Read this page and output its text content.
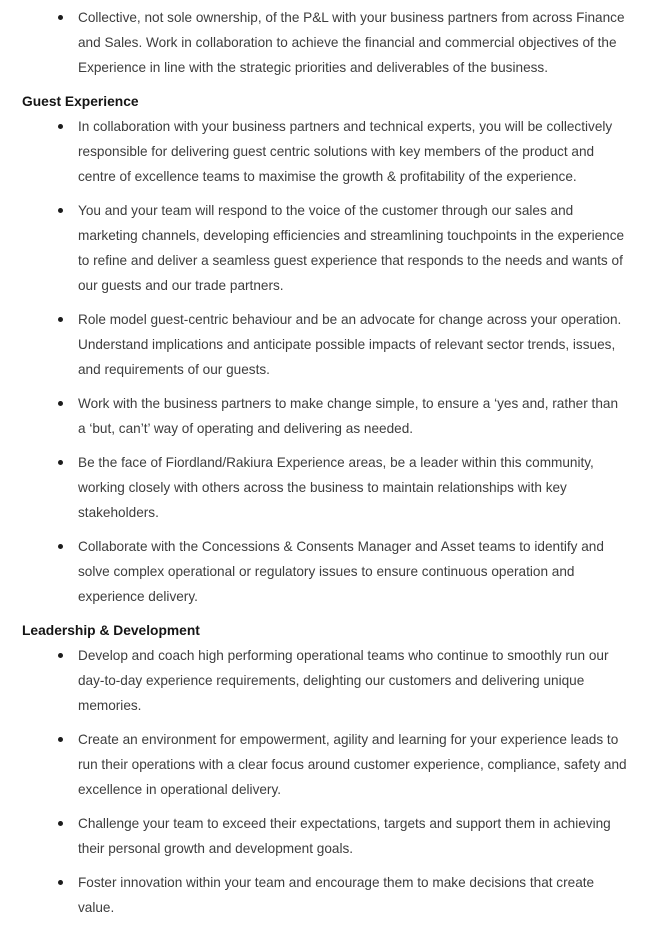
Collective, not sole ownership, of the P&L with your business partners from across Finance and Sales. Work in collaboration to achieve the financial and commercial objectives of the Experience in line with the strategic priorities and deliverables of the business.
Guest Experience
In collaboration with your business partners and technical experts, you will be collectively responsible for delivering guest centric solutions with key members of the product and centre of excellence teams to maximise the growth & profitability of the experience.
You and your team will respond to the voice of the customer through our sales and marketing channels, developing efficiencies and streamlining touchpoints in the experience to refine and deliver a seamless guest experience that responds to the needs and wants of our guests and our trade partners.
Role model guest-centric behaviour and be an advocate for change across your operation. Understand implications and anticipate possible impacts of relevant sector trends, issues, and requirements of our guests.
Work with the business partners to make change simple, to ensure a ‘yes and, rather than a ‘but, can’t’ way of operating and delivering as needed.
Be the face of Fiordland/Rakiura Experience areas, be a leader within this community, working closely with others across the business to maintain relationships with key stakeholders.
Collaborate with the Concessions & Consents Manager and Asset teams to identify and solve complex operational or regulatory issues to ensure continuous operation and experience delivery.
Leadership & Development
Develop and coach high performing operational teams who continue to smoothly run our day-to-day experience requirements, delighting our customers and delivering unique memories.
Create an environment for empowerment, agility and learning for your experience leads to run their operations with a clear focus around customer experience, compliance, safety and excellence in operational delivery.
Challenge your team to exceed their expectations, targets and support them in achieving their personal growth and development goals.
Foster innovation within your team and encourage them to make decisions that create value.
